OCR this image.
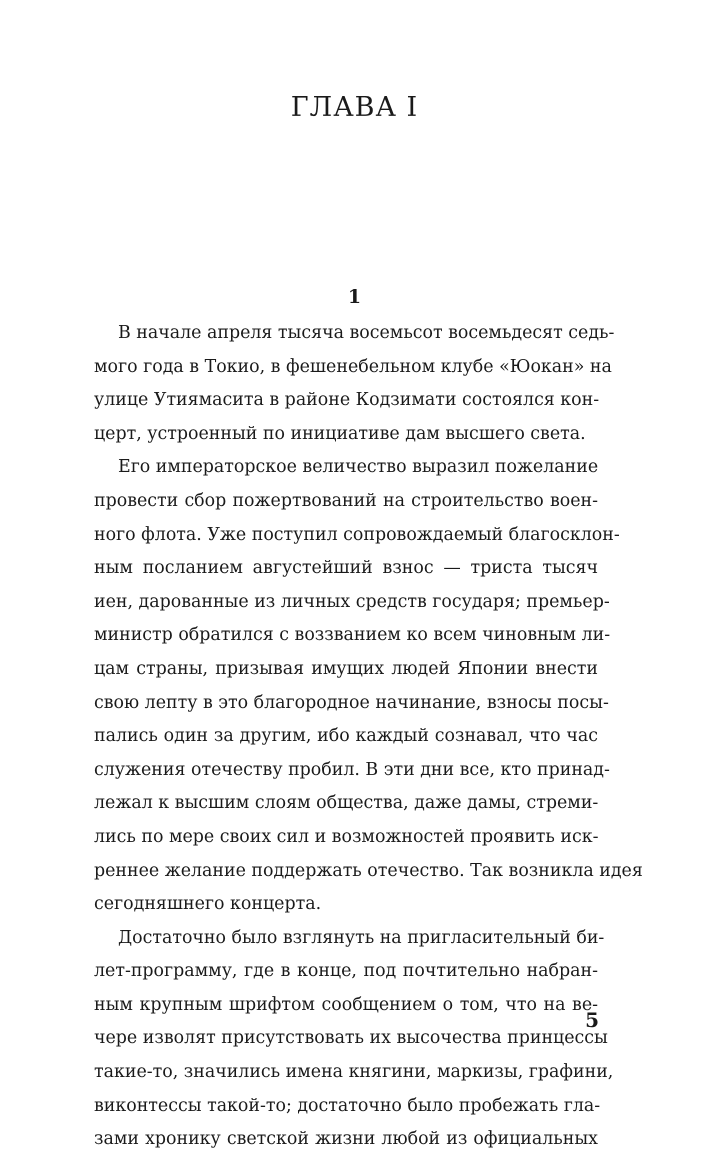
ГЛАВА I
1
В начале апреля тысяча восемьсот восемьдесят седь-
мого года в Токио, в фешенебельном клубе «Юокан» на
улице Утиямасита в районе Кодзимати состоялся кон-
церт, устроенный по инициативе дам высшего света.
Его императорское величество выразил пожелание
провести сбор пожертвований на строительство воен-
ного флота. Уже поступил сопровождаемый благосклон-
ным посланием августейший взнос — триста тысяч
иен, дарованные из личных средств государя; премьер-
министр обратился с воззванием ко всем чиновным ли-
цам страны, призывая имущих людей Японии внести
свою лепту в это благородное начинание, взносы посы-
пались один за другим, ибо каждый сознавал, что час
служения отечеству пробил. В эти дни все, кто принад-
лежал к высшим слоям общества, даже дамы, стреми-
лись по мере своих сил и возможностей проявить иск-
реннее желание поддержать отечество. Так возникла идея
сегодняшнего концерта.
Достаточно было взглянуть на пригласительный би-
лет-программу, где в конце, под почтительно набран-
ным крупным шрифтом сообщением о том, что на ве-
чере изволят присутствовать их высочества принцессы
такие-то, значились имена княгини, маркизы, графини,
виконтессы такой-то; достаточно было пробежать гла-
зами хронику светской жизни любой из официальных
5
